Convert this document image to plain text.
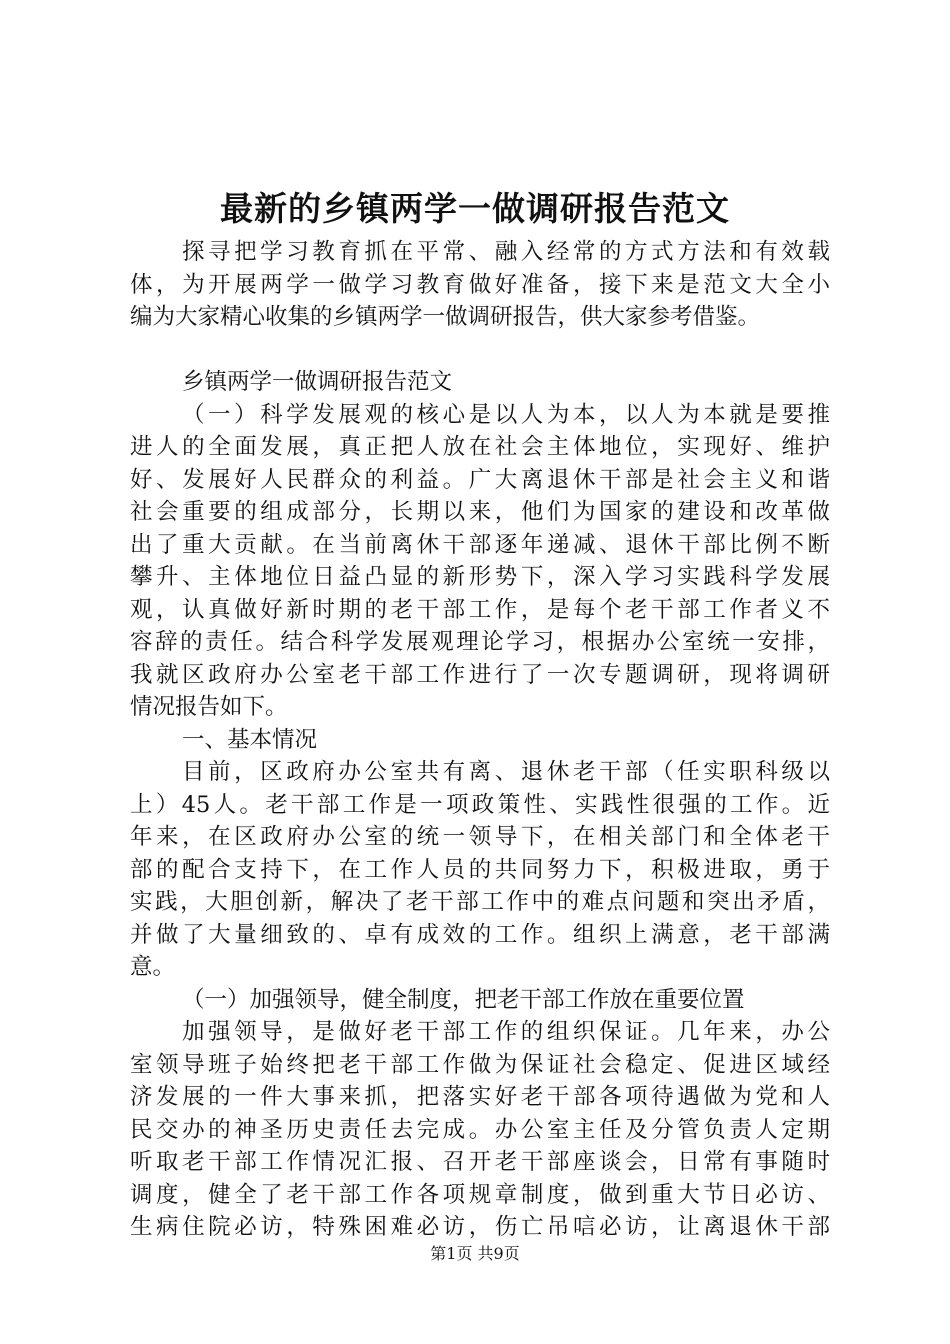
最新的乡镇两学一做调研报告范文
探寻把学习教育抓在平常、融入经常的方式方法和有效载
体，为开展两学一做学习教育做好准备，接下来是范文大全小
编为大家精心收集的乡镇两学一做调研报告，供大家参考借鉴。
乡镇两学一做调研报告范文
（一）科学发展观的核心是以人为本，以人为本就是要推
进人的全面发展，真正把人放在社会主体地位，实现好、维护
好、发展好人民群众的利益。广大离退休干部是社会主义和谐
社会重要的组成部分，长期以来，他们为国家的建设和改革做
出了重大贡献。在当前离休干部逐年递减、退休干部比例不断
攀升、主体地位日益凸显的新形势下，深入学习实践科学发展
观，认真做好新时期的老干部工作，是每个老干部工作者义不
容辞的责任。结合科学发展观理论学习，根据办公室统一安排，
我就区政府办公室老干部工作进行了一次专题调研，现将调研
情况报告如下。
一、基本情况
目前，区政府办公室共有离、退休老干部（任实职科级以
上）45人。老干部工作是一项政策性、实践性很强的工作。近
年来，在区政府办公室的统一领导下，在相关部门和全体老干
部的配合支持下，在工作人员的共同努力下，积极进取，勇于
实践，大胆创新，解决了老干部工作中的难点问题和突出矛盾，
并做了大量细致的、卓有成效的工作。组织上满意，老干部满
意。
（一）加强领导，健全制度，把老干部工作放在重要位置
加强领导，是做好老干部工作的组织保证。几年来，办公
室领导班子始终把老干部工作做为保证社会稳定、促进区域经
济发展的一件大事来抓，把落实好老干部各项待遇做为党和人
民交办的神圣历史责任去完成。办公室主任及分管负责人定期
听取老干部工作情况汇报、召开老干部座谈会，日常有事随时
调度，健全了老干部工作各项规章制度，做到重大节日必访、
生病住院必访，特殊困难必访，伤亡吊唁必访，让离退休干部
第1页 共9页
